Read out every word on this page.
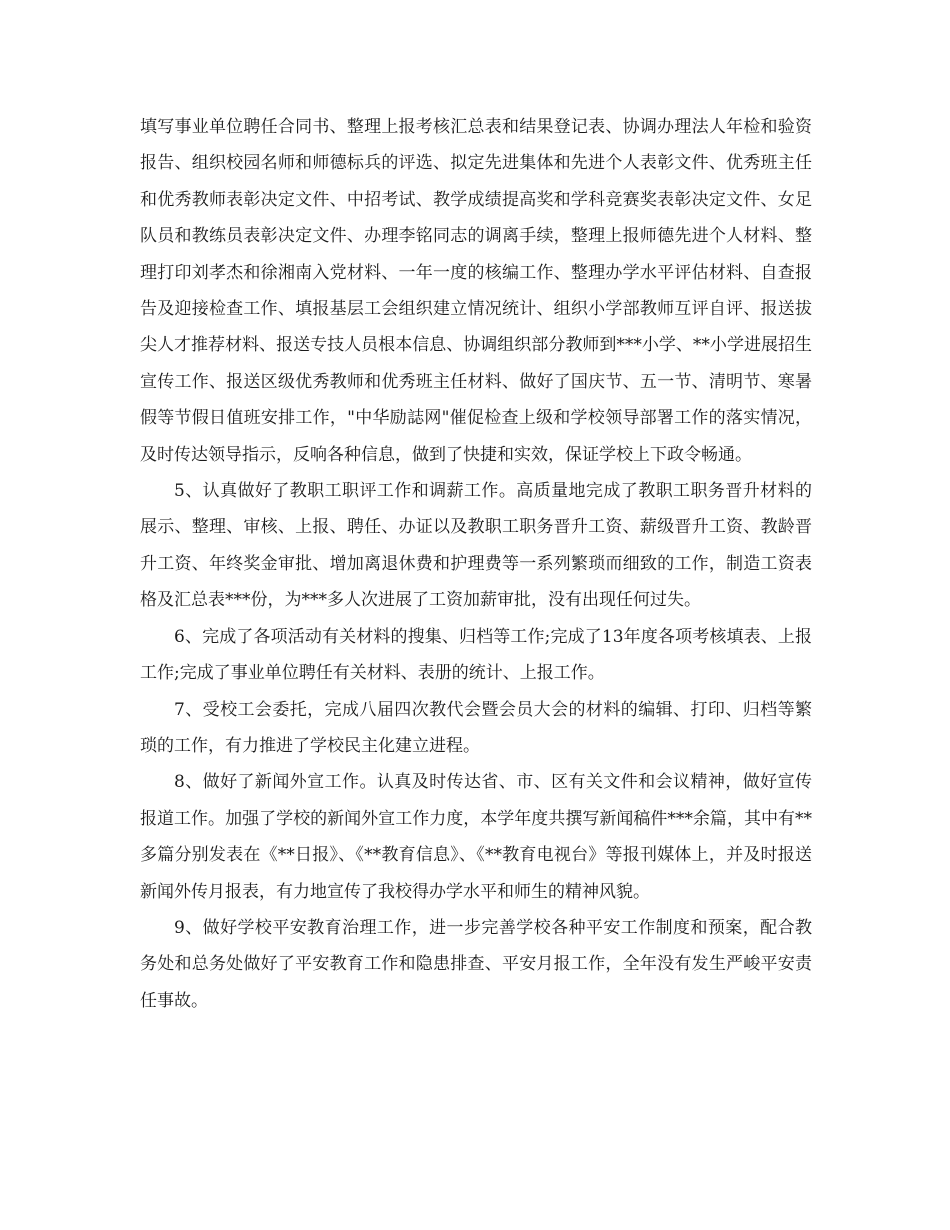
填写事业单位聘任合同书、整理上报考核汇总表和结果登记表、协调办理法人年检和验资报告、组织校园名师和师德标兵的评选、拟定先进集体和先进个人表彰文件、优秀班主任和优秀教师表彰决定文件、中招考试、教学成绩提高奖和学科竞赛奖表彰决定文件、女足队员和教练员表彰决定文件、办理李铭同志的调离手续，整理上报师德先进个人材料、整理打印刘孝杰和徐湘南入党材料、一年一度的核编工作、整理办学水平评估材料、自查报告及迎接检查工作、填报基层工会组织建立情况统计、组织小学部教师互评自评、报送拔尖人才推荐材料、报送专技人员根本信息、协调组织部分教师到***小学、**小学进展招生宣传工作、报送区级优秀教师和优秀班主任材料、做好了国庆节、五一节、清明节、寒暑假等节假日值班安排工作，"中华励誌网"催促检查上级和学校领导部署工作的落实情况，及时传达领导指示，反响各种信息，做到了快捷和实效，保证学校上下政令畅通。

5、认真做好了教职工职评工作和调薪工作。高质量地完成了教职工职务晋升材料的展示、整理、审核、上报、聘任、办证以及教职工职务晋升工资、薪级晋升工资、教龄晋升工资、年终奖金审批、增加离退休费和护理费等一系列繁琐而细致的工作，制造工资表格及汇总表***份，为***多人次进展了工资加薪审批，没有出现任何过失。

6、完成了各项活动有关材料的搜集、归档等工作;完成了13年度各项考核填表、上报工作;完成了事业单位聘任有关材料、表册的统计、上报工作。

7、受校工会委托，完成八届四次教代会暨会员大会的材料的编辑、打印、归档等繁琐的工作，有力推进了学校民主化建立进程。

8、做好了新闻外宣工作。认真及时传达省、市、区有关文件和会议精神，做好宣传报道工作。加强了学校的新闻外宣工作力度，本学年度共撰写新闻稿件***余篇，其中有**多篇分别发表在《**日报》、《**教育信息》、《**教育电视台》等报刊媒体上，并及时报送新闻外传月报表，有力地宣传了我校得办学水平和师生的精神风貌。

9、做好学校平安教育治理工作，进一步完善学校各种平安工作制度和预案，配合教务处和总务处做好了平安教育工作和隐患排查、平安月报工作，全年没有发生严峻平安责任事故。
